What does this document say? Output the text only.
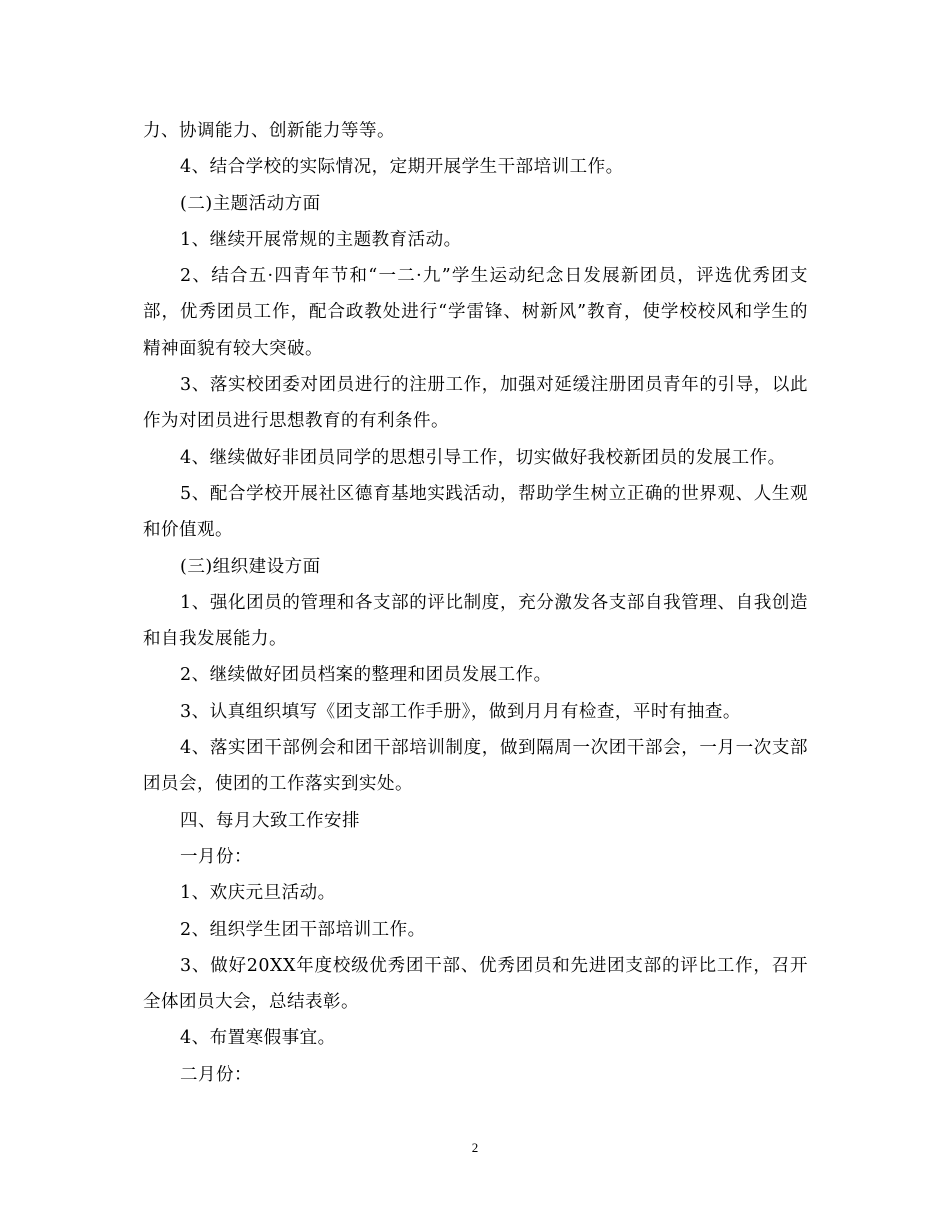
力、协调能力、创新能力等等。

4、结合学校的实际情况，定期开展学生干部培训工作。

(二)主题活动方面

1、继续开展常规的主题教育活动。

2、结合五·四青年节和“一二·九”学生运动纪念日发展新团员，评选优秀团支部，优秀团员工作，配合政教处进行“学雷锋、树新风”教育，使学校校风和学生的精神面貌有较大突破。

3、落实校团委对团员进行的注册工作，加强对延缓注册团员青年的引导，以此作为对团员进行思想教育的有利条件。

4、继续做好非团员同学的思想引导工作，切实做好我校新团员的发展工作。

5、配合学校开展社区德育基地实践活动，帮助学生树立正确的世界观、人生观和价值观。

(三)组织建设方面

1、强化团员的管理和各支部的评比制度，充分激发各支部自我管理、自我创造和自我发展能力。

2、继续做好团员档案的整理和团员发展工作。

3、认真组织填写《团支部工作手册》，做到月月有检查，平时有抽查。

4、落实团干部例会和团干部培训制度，做到隔周一次团干部会，一月一次支部团员会，使团的工作落实到实处。

四、每月大致工作安排

一月份：

1、欢庆元旦活动。

2、组织学生团干部培训工作。

3、做好20XX年度校级优秀团干部、优秀团员和先进团支部的评比工作，召开全体团员大会，总结表彰。

4、布置寒假事宜。

二月份：

2
